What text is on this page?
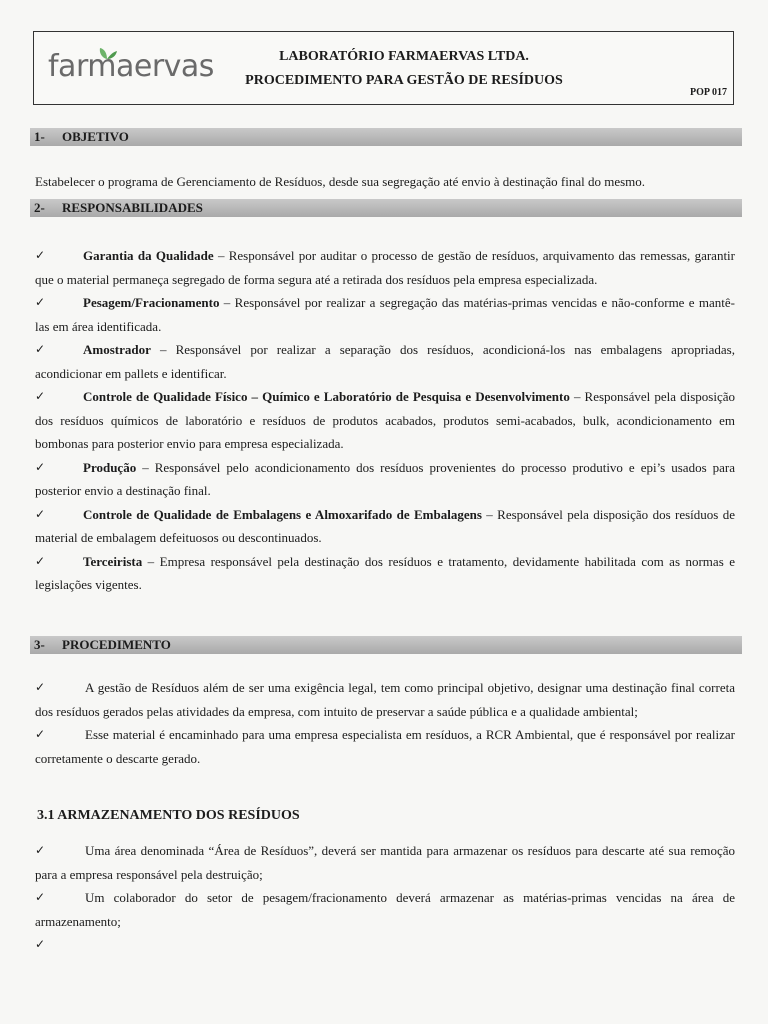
farmaervas	LABORATÓRIO FARMAERVAS LTDA.
PROCEDIMENTO PARA GESTÃO DE RESÍDUOS
POP 017
1- OBJETIVO
Estabelecer o programa de Gerenciamento de Resíduos, desde sua segregação até envio à destinação final do mesmo.
2- RESPONSABILIDADES
✓	Garantia da Qualidade – Responsável por auditar o processo de gestão de resíduos, arquivamento das remessas, garantir que o material permaneça segregado de forma segura até a retirada dos resíduos pela empresa especializada.
✓	Pesagem/Fracionamento – Responsável por realizar a segregação das matérias-primas vencidas e não-conforme e mantê-las em área identificada.
✓	Amostrador – Responsável por realizar a separação dos resíduos, acondicioná-los nas embalagens apropriadas, acondicionar em pallets e identificar.
✓	Controle de Qualidade Físico – Químico e Laboratório de Pesquisa e Desenvolvimento – Responsável pela disposição dos resíduos químicos de laboratório e resíduos de produtos acabados, produtos semi-acabados, bulk, acondicionamento em bombonas para posterior envio para empresa especializada.
✓	Produção – Responsável pelo acondicionamento dos resíduos provenientes do processo produtivo e epi’s usados para posterior envio a destinação final.
✓	Controle de Qualidade de Embalagens e Almoxarifado de Embalagens – Responsável pela disposição dos resíduos de material de embalagem defeituosos ou descontinuados.
✓	Terceirista – Empresa responsável pela destinação dos resíduos e tratamento, devidamente habilitada com as normas e legislações vigentes.
3- PROCEDIMENTO
✓	A gestão de Resíduos além de ser uma exigência legal, tem como principal objetivo, designar uma destinação final correta dos resíduos gerados pelas atividades da empresa, com intuito de preservar a saúde pública e a qualidade ambiental;
✓	Esse material é encaminhado para uma empresa especialista em resíduos, a RCR Ambiental, que é responsável por realizar corretamente o descarte gerado.
3.1 ARMAZENAMENTO DOS RESÍDUOS
✓	Uma área denominada “Área de Resíduos”, deverá ser mantida para armazenar os resíduos para descarte até sua remoção para a empresa responsável pela destruição;
✓	Um colaborador do setor de pesagem/fracionamento deverá armazenar as matérias-primas vencidas na área de armazenamento;
✓
